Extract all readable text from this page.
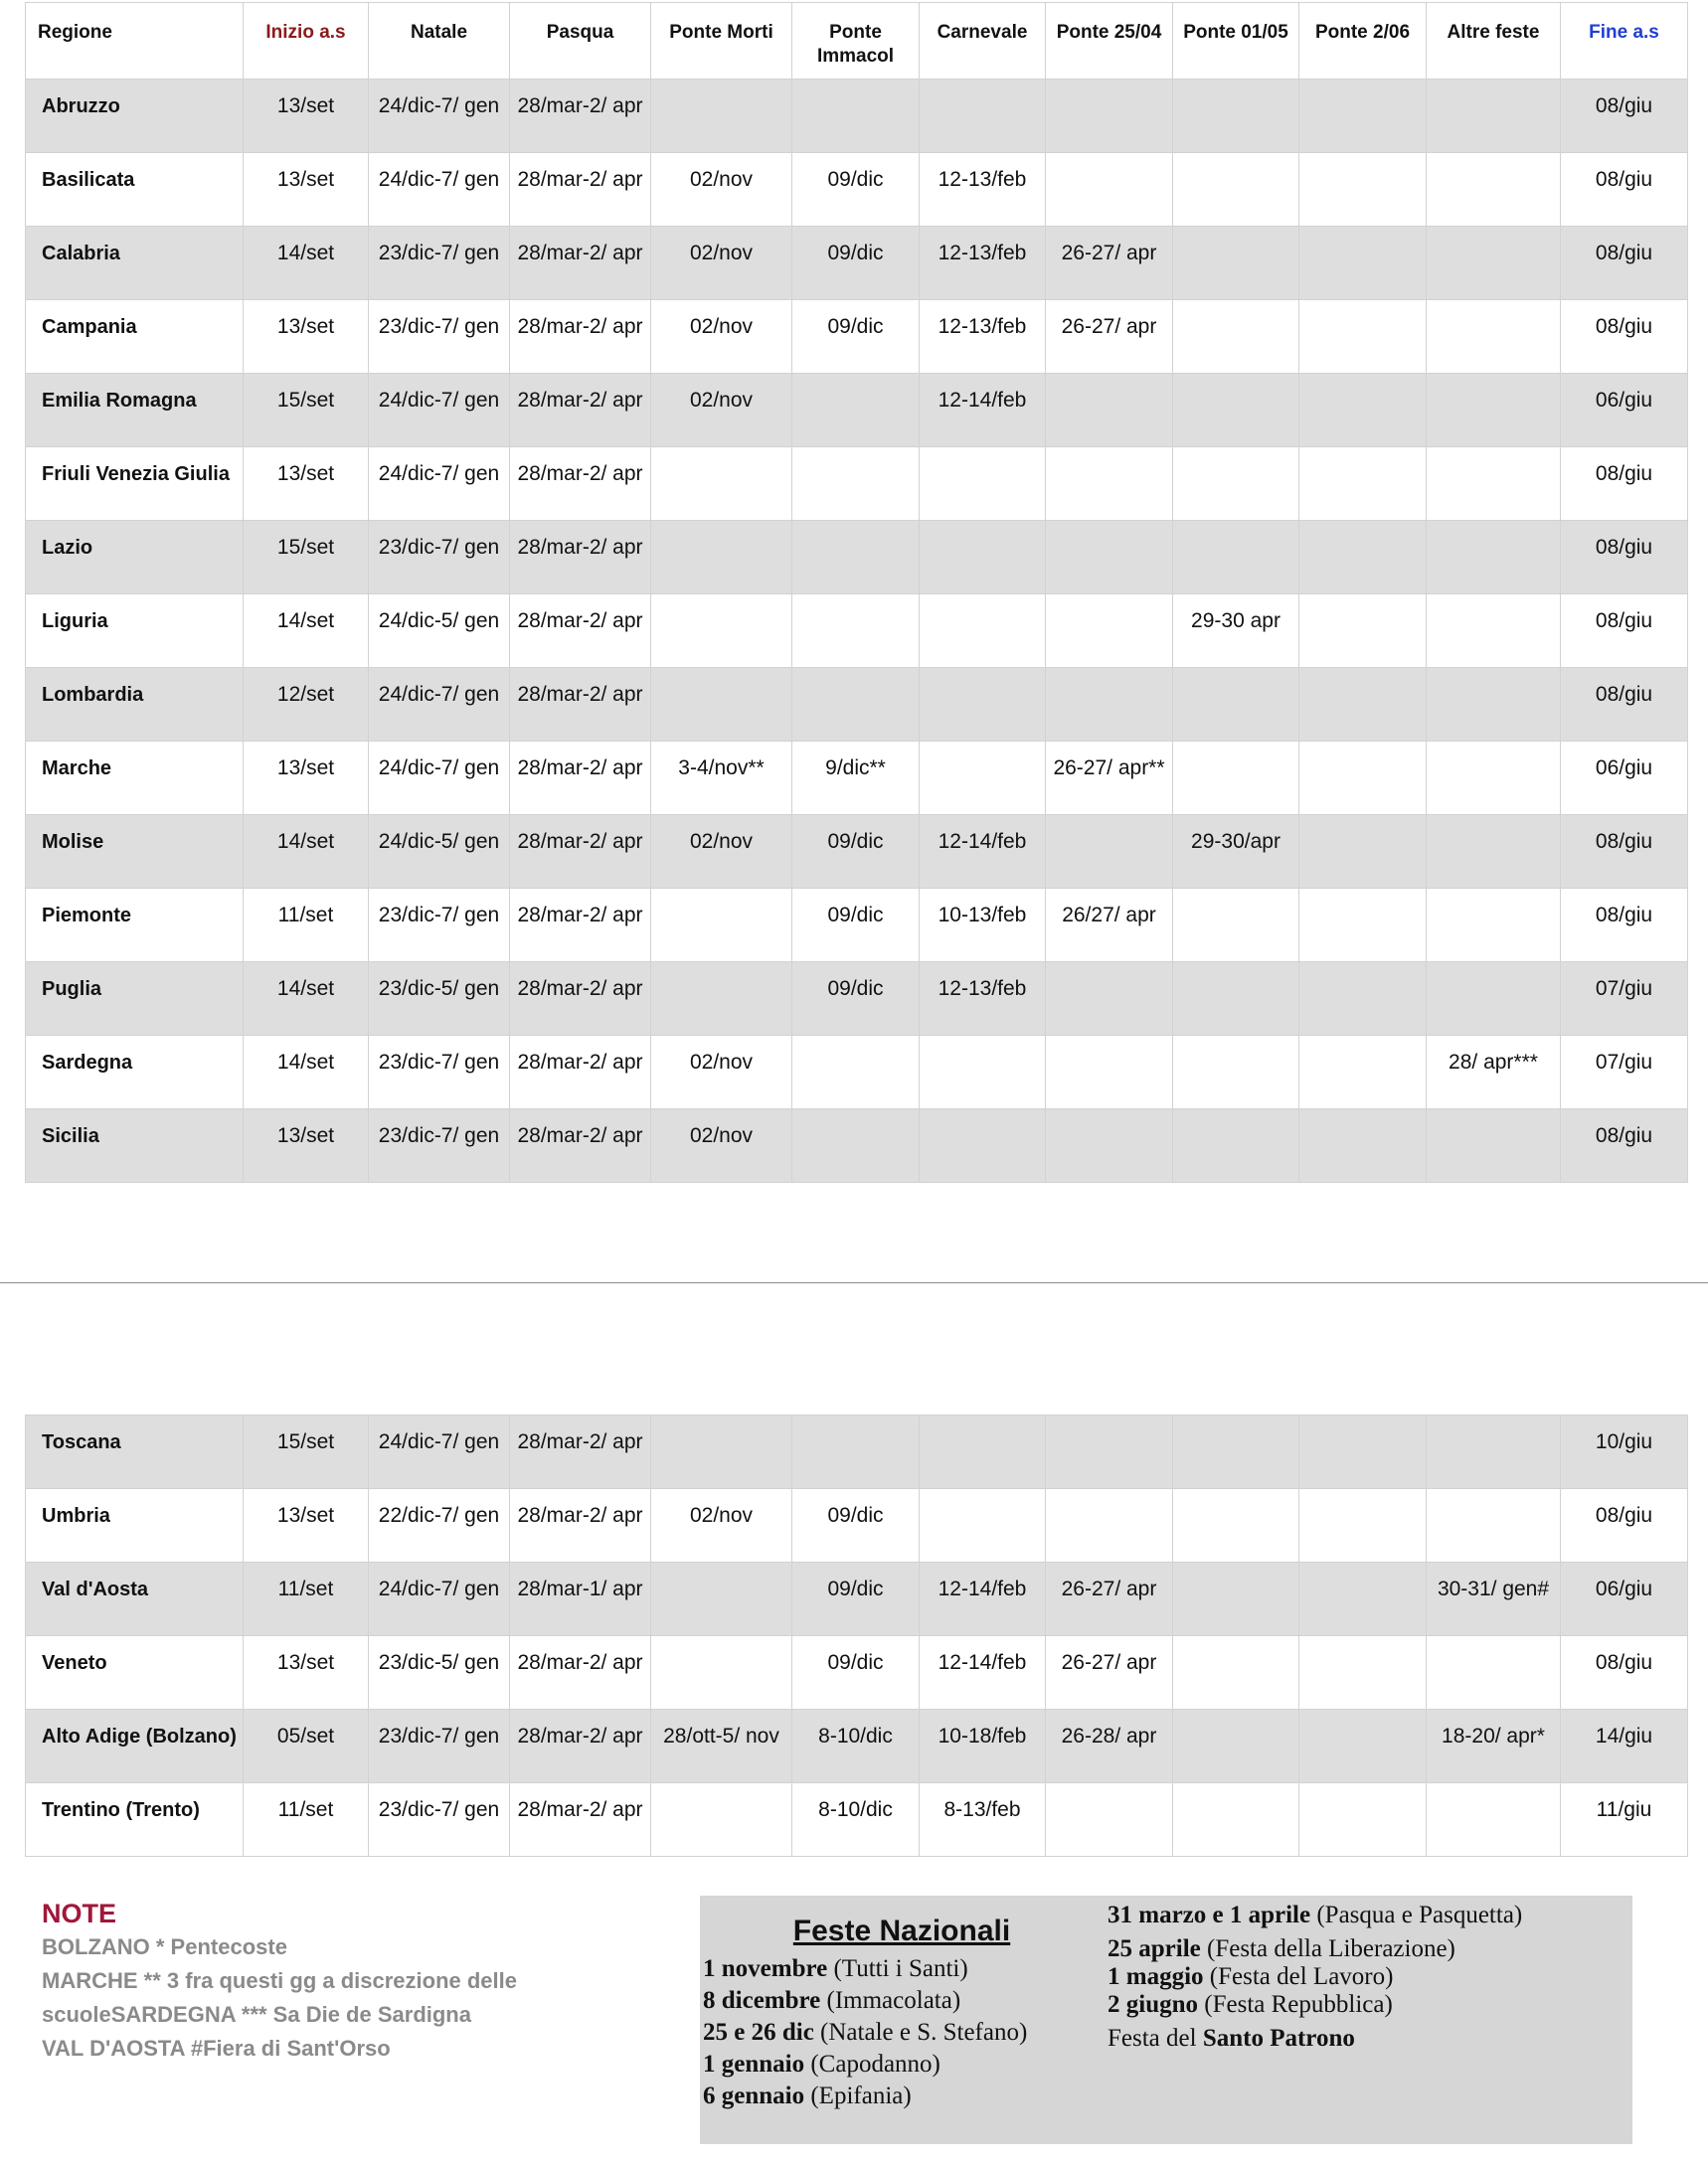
Regione	Inizio a.s	Natale	Pasqua	Ponte Morti	Ponte Immacol	Carnevale	Ponte 25/04	Ponte 01/05	Ponte 2/06	Altre feste	Fine a.s

Abruzzo	13/set	24/dic-7/ gen	28/mar-2/ apr								08/giu

Basilicata	13/set	24/dic-7/ gen	28/mar-2/ apr	02/nov	09/dic	12-13/feb					08/giu

Calabria	14/set	23/dic-7/ gen	28/mar-2/ apr	02/nov	09/dic	12-13/feb	26-27/ apr				08/giu

Campania	13/set	23/dic-7/ gen	28/mar-2/ apr	02/nov	09/dic	12-13/feb	26-27/ apr				08/giu

Emilia Romagna	15/set	24/dic-7/ gen	28/mar-2/ apr	02/nov		12-14/feb					06/giu

Friuli Venezia Giulia	13/set	24/dic-7/ gen	28/mar-2/ apr								08/giu

Lazio	15/set	23/dic-7/ gen	28/mar-2/ apr								08/giu

Liguria	14/set	24/dic-5/ gen	28/mar-2/ apr					29-30 apr			08/giu

Lombardia	12/set	24/dic-7/ gen	28/mar-2/ apr								08/giu

Marche	13/set	24/dic-7/ gen	28/mar-2/ apr	3-4/nov**	9/dic**		26-27/ apr**				06/giu

Molise	14/set	24/dic-5/ gen	28/mar-2/ apr	02/nov	09/dic	12-14/feb		29-30/apr			08/giu

Piemonte	11/set	23/dic-7/ gen	28/mar-2/ apr		09/dic	10-13/feb	26/27/ apr				08/giu

Puglia	14/set	23/dic-5/ gen	28/mar-2/ apr		09/dic	12-13/feb					07/giu

Sardegna	14/set	23/dic-7/ gen	28/mar-2/ apr	02/nov						28/ apr***	07/giu

Sicilia	13/set	23/dic-7/ gen	28/mar-2/ apr	02/nov							08/giu
Toscana	15/set	24/dic-7/ gen	28/mar-2/ apr								10/giu

Umbria	13/set	22/dic-7/ gen	28/mar-2/ apr	02/nov	09/dic						08/giu

Val d'Aosta	11/set	24/dic-7/ gen	28/mar-1/ apr		09/dic	12-14/feb	26-27/ apr			30-31/ gen#	06/giu

Veneto	13/set	23/dic-5/ gen	28/mar-2/ apr		09/dic	12-14/feb	26-27/ apr				08/giu

Alto Adige (Bolzano)	05/set	23/dic-7/ gen	28/mar-2/ apr	28/ott-5/ nov	8-10/dic	10-18/feb	26-28/ apr			18-20/ apr*	14/giu

Trentino (Trento)	11/set	23/dic-7/ gen	28/mar-2/ apr		8-10/dic	8-13/feb					11/giu
NOTE
BOLZANO * Pentecoste
MARCHE ** 3 fra questi gg a discrezione delle
scuoleSARDEGNA *** Sa Die de Sardigna
VAL D'AOSTA #Fiera di Sant'Orso
Feste Nazionali
1 novembre (Tutti i Santi)
8 dicembre (Immacolata)
25 e 26 dic (Natale e S. Stefano)
1 gennaio (Capodanno)
6 gennaio (Epifania)
31 marzo e 1 aprile (Pasqua e Pasquetta)
25 aprile (Festa della Liberazione)
1 maggio (Festa del Lavoro)
2 giugno (Festa Repubblica)
Festa del Santo Patrono
